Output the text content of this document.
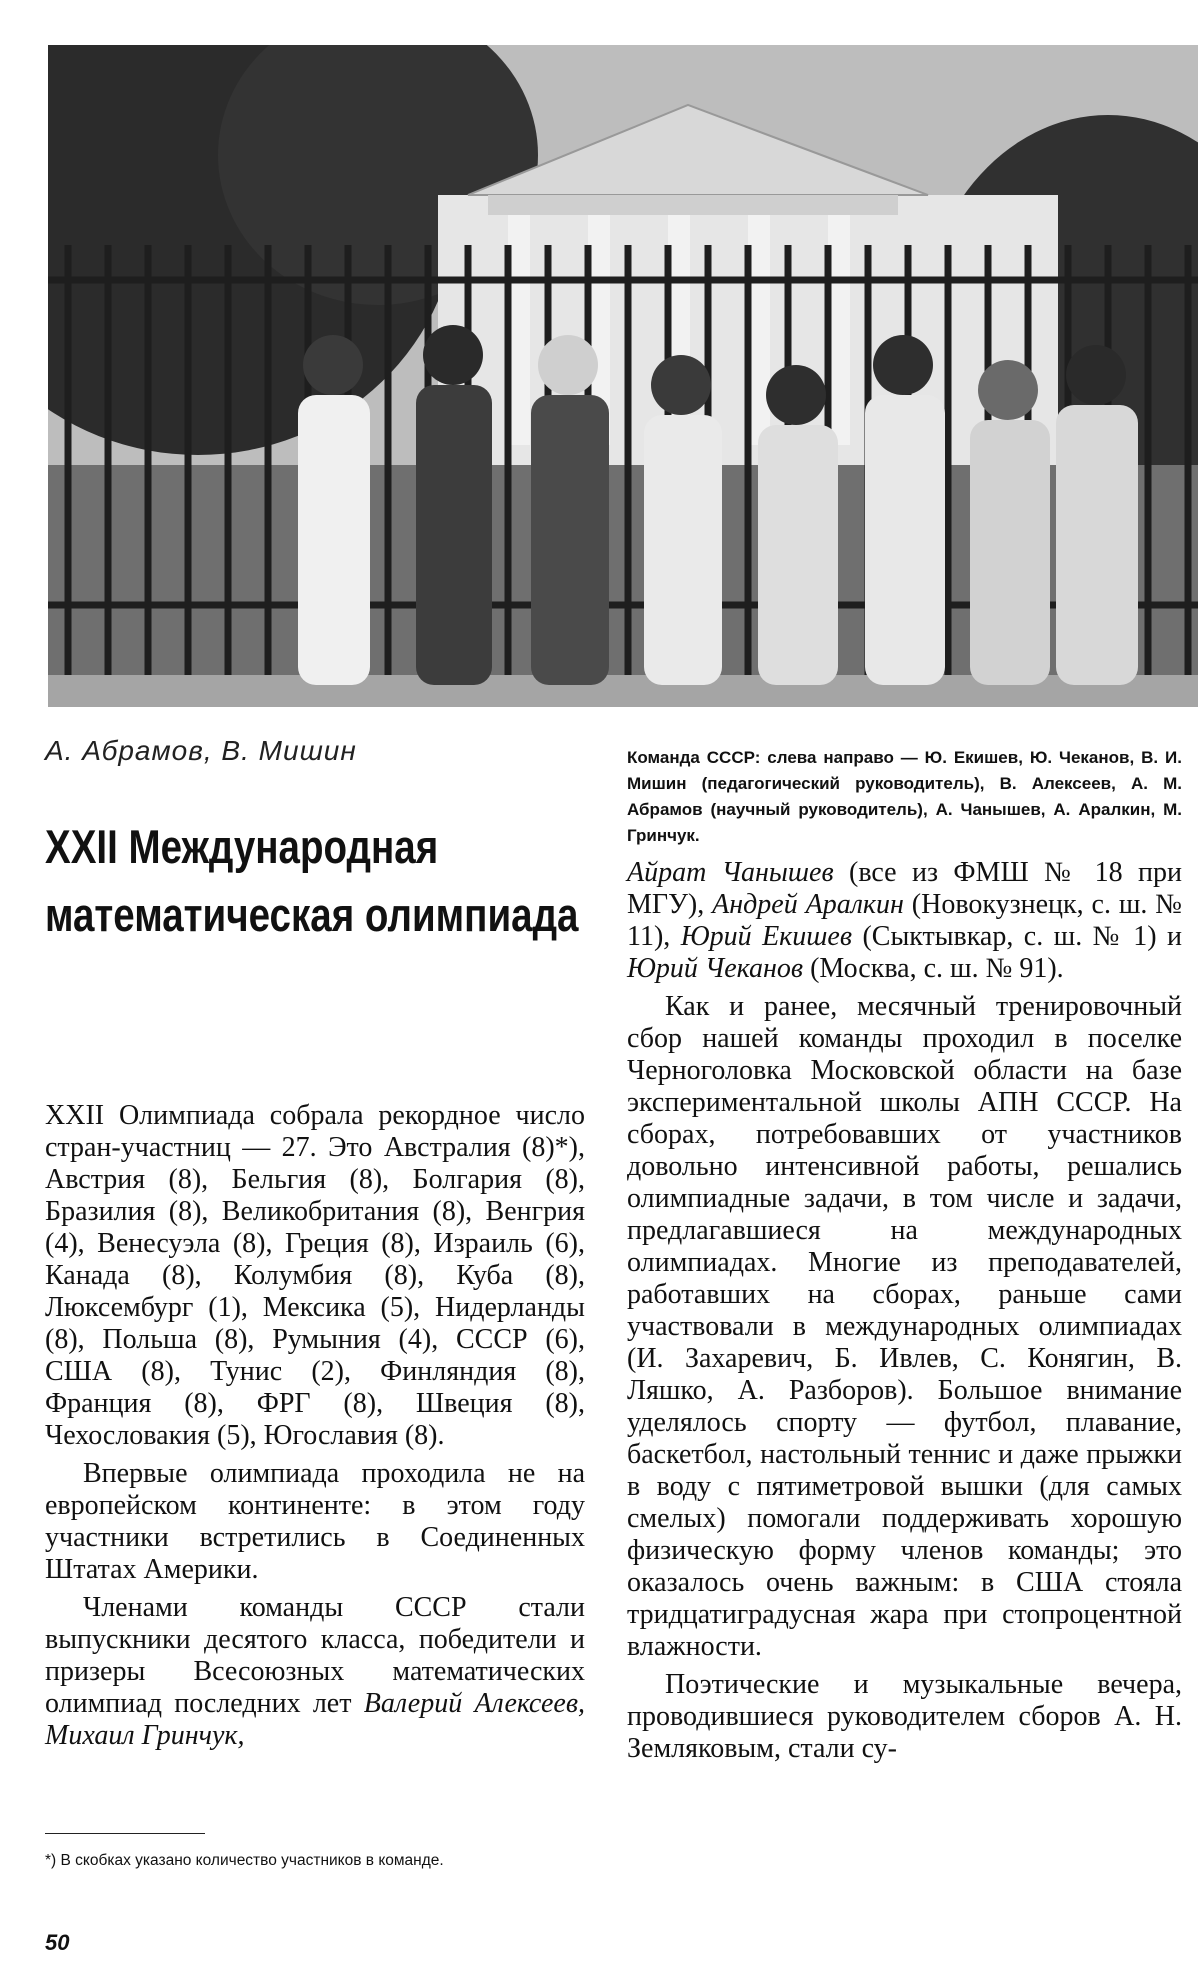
А. Абрамов, В. Мишин

XXII Международная математическая олимпиада

XXII Олимпиада собрала рекордное число стран-участниц — 27. Это Австралия (8)*), Австрия (8), Бельгия (8), Болгария (8), Бразилия (8), Великобритания (8), Венгрия (4), Венесуэла (8), Греция (8), Израиль (6), Канада (8), Колумбия (8), Куба (8), Люксембург (1), Мексика (5), Нидерланды (8), Польша (8), Румыния (4), СССР (6), США (8), Тунис (2), Финляндия (8), Франция (8), ФРГ (8), Швеция (8), Чехословакия (5), Югославия (8).

Впервые олимпиада проходила не на европейском континенте: в этом году участники встретились в Соединенных Штатах Америки.

Членами команды СССР стали выпускники десятого класса, победители и призеры Всесоюзных математических олимпиад последних лет Валерий Алексеев, Михаил Гринчук,

Команда СССР: слева направо — Ю. Екишев, Ю. Чеканов, В. И. Мишин (педагогический руководитель), В. Алексеев, А. М. Абрамов (научный руководитель), А. Чанышев, А. Аралкин, М. Гринчук.

Айрат Чанышев (все из ФМШ № 18 при МГУ), Андрей Аралкин (Новокузнецк, с. ш. № 11), Юрий Екишев (Сыктывкар, с. ш. № 1) и Юрий Чеканов (Москва, с. ш. № 91).

Как и ранее, месячный тренировочный сбор нашей команды проходил в поселке Черноголовка Московской области на базе экспериментальной школы АПН СССР. На сборах, потребовавших от участников довольно интенсивной работы, решались олимпиадные задачи, в том числе и задачи, предлагавшиеся на международных олимпиадах. Многие из преподавателей, работавших на сборах, раньше сами участвовали в международных олимпиадах (И. Захаревич, Б. Ивлев, С. Конягин, В. Ляшко, А. Разборов). Большое внимание уделялось спорту — футбол, плавание, баскетбол, настольный теннис и даже прыжки в воду с пятиметровой вышки (для самых смелых) помогали поддерживать хорошую физическую форму членов команды; это оказалось очень важным: в США стояла тридцатиградусная жара при стопроцентной влажности.

Поэтические и музыкальные вечера, проводившиеся руководителем сборов А. Н. Земляковым, стали су-

*) В скобках указано количество участников в команде.

50
